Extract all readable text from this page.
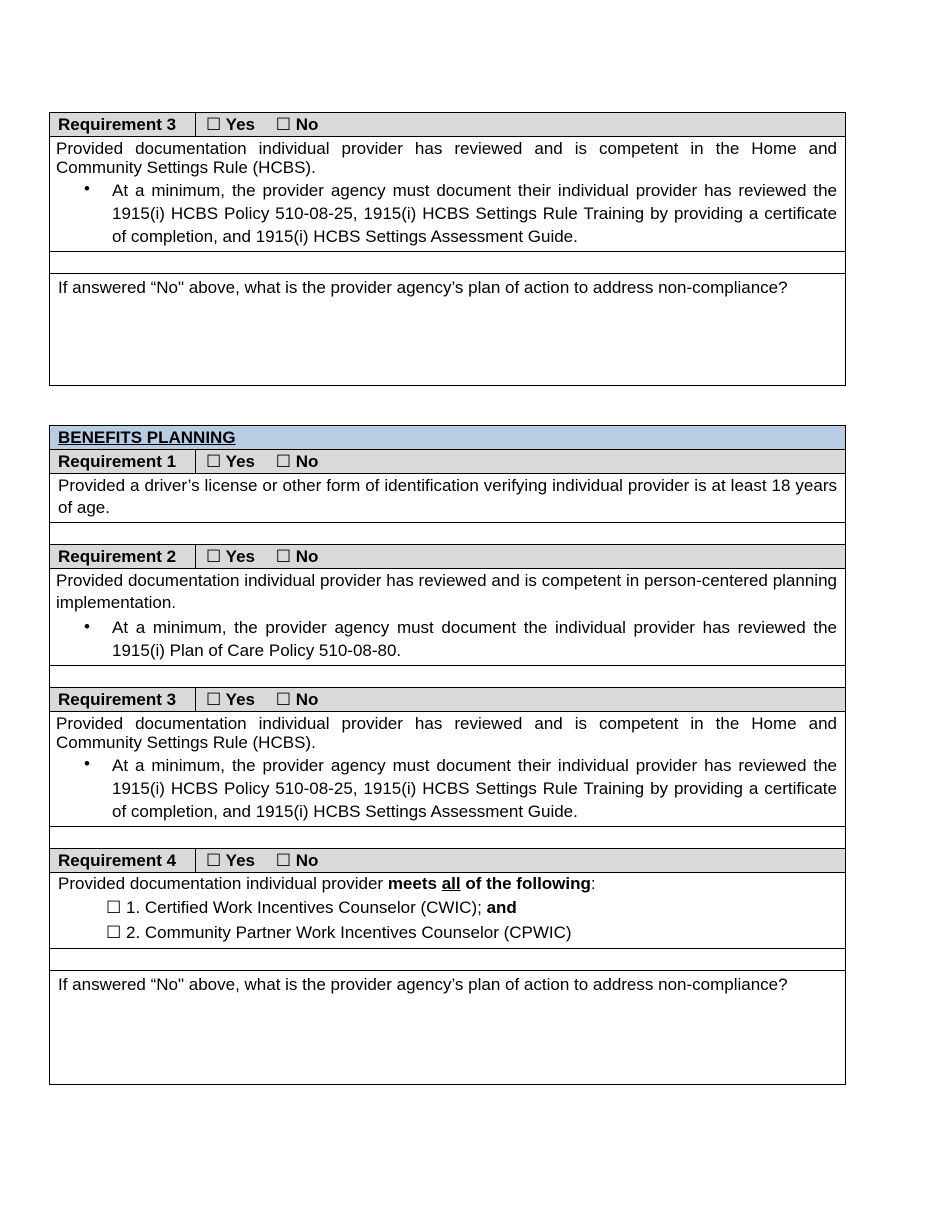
Requirement 3	☐ Yes ☐ No
Provided documentation individual provider has reviewed and is competent in the Home and Community Settings Rule (HCBS).
•	At a minimum, the provider agency must document their individual provider has reviewed the 1915(i) HCBS Policy 510-08-25, 1915(i) HCBS Settings Rule Training by providing a certificate of completion, and 1915(i) HCBS Settings Assessment Guide.
If answered “No" above, what is the provider agency’s plan of action to address non-compliance?
BENEFITS PLANNING
Requirement 1	☐ Yes ☐ No
Provided a driver’s license or other form of identification verifying individual provider is at least 18 years of age.
Requirement 2	☐ Yes ☐ No
Provided documentation individual provider has reviewed and is competent in person-centered planning implementation.
•	At a minimum, the provider agency must document the individual provider has reviewed the 1915(i) Plan of Care Policy 510-08-80.
Requirement 3	☐ Yes ☐ No
Provided documentation individual provider has reviewed and is competent in the Home and Community Settings Rule (HCBS).
•	At a minimum, the provider agency must document their individual provider has reviewed the 1915(i) HCBS Policy 510-08-25, 1915(i) HCBS Settings Rule Training by providing a certificate of completion, and 1915(i) HCBS Settings Assessment Guide.
Requirement 4	☐ Yes ☐ No
Provided documentation individual provider meets all of the following:
☐ 1. Certified Work Incentives Counselor (CWIC); and
☐ 2. Community Partner Work Incentives Counselor (CPWIC)
If answered “No" above, what is the provider agency’s plan of action to address non-compliance?
